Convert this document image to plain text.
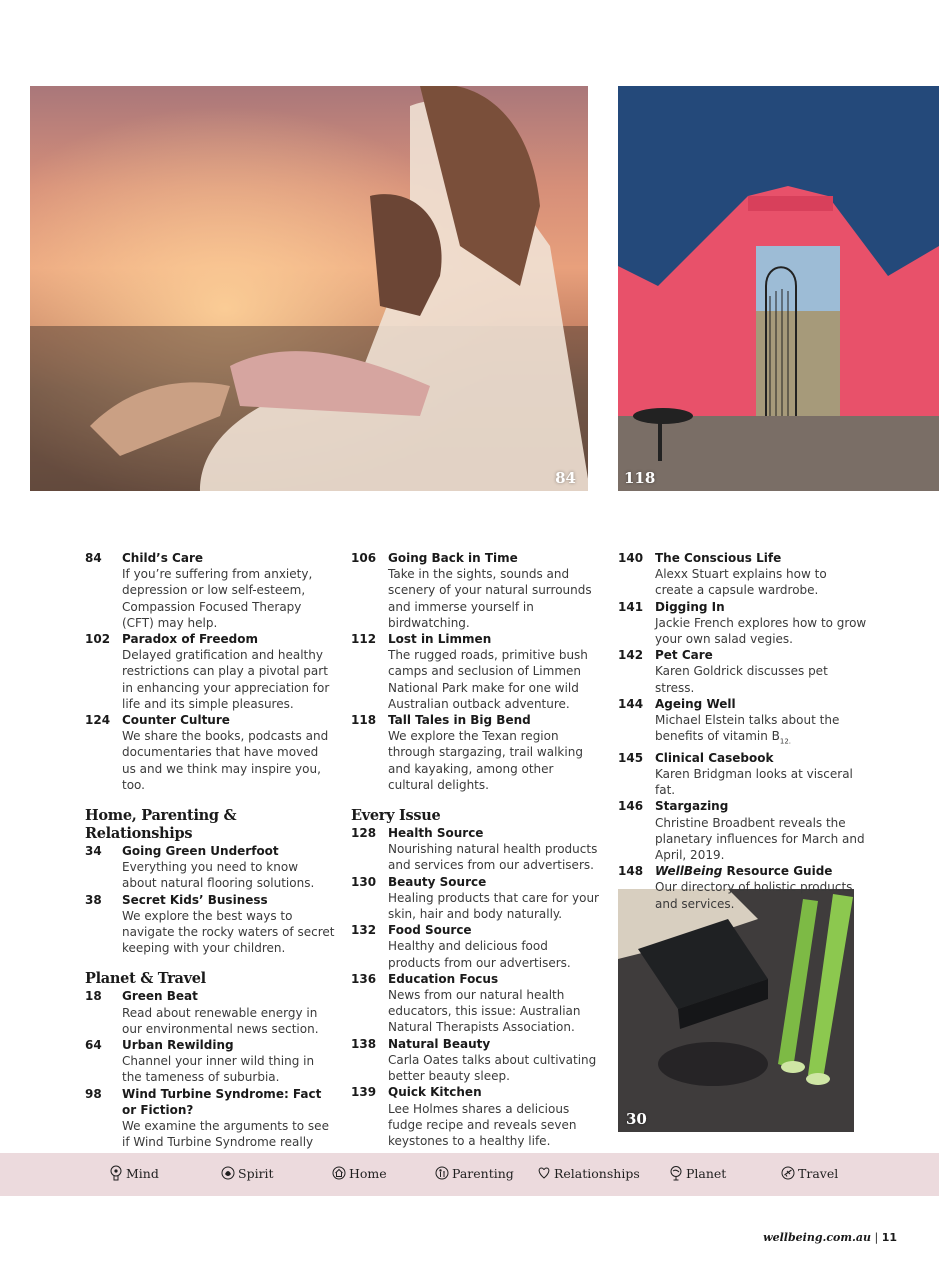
84	118
30
84	Child’s Care
If you’re suffering from anxiety, depression or low self-esteem, Compassion Focused Therapy (CFT) may help.
102 Paradox of Freedom
Delayed gratification and healthy restrictions can play a pivotal part in enhancing your appreciation for life and its simple pleasures.
124 Counter Culture
We share the books, podcasts and documentaries that have moved us and we think may inspire you, too.
Home, Parenting & Relationships
34	Going Green Underfoot
Everything you need to know about natural flooring solutions.
38	Secret Kids’ Business
We explore the best ways to navigate the rocky waters of secret keeping with your children.
Planet & Travel
18	Green Beat
Read about renewable energy in our environmental news section.
64	Urban Rewilding
Channel your inner wild thing in the tameness of suburbia.
98	Wind Turbine Syndrome: Fact or Fiction?
We examine the arguments to see if Wind Turbine Syndrome really
106 Going Back in Time
Take in the sights, sounds and scenery of your natural surrounds and immerse yourself in birdwatching.
112 Lost in Limmen
The rugged roads, primitive bush camps and seclusion of Limmen National Park make for one wild Australian outback adventure.
118 Tall Tales in Big Bend
We explore the Texan region through stargazing, trail walking and kayaking, among other cultural delights.
Every Issue
128 Health Source
Nourishing natural health products and services from our advertisers.
130 Beauty Source
Healing products that care for your skin, hair and body naturally.
132 Food Source
Healthy and delicious food products from our advertisers.
136 Education Focus
News from our natural health educators, this issue: Australian Natural Therapists Association.
138 Natural Beauty
Carla Oates talks about cultivating better beauty sleep.
139 Quick Kitchen
Lee Holmes shares a delicious fudge recipe and reveals seven keystones to a healthy life.
140 The Conscious Life
Alexx Stuart explains how to create a capsule wardrobe.
141 Digging In
Jackie French explores how to grow your own salad vegies.
142 Pet Care
Karen Goldrick discusses pet stress.
144 Ageing Well
Michael Elstein talks about the benefits of vitamin $B_{12.}$
145 Clinical Casebook
Karen Bridgman looks at visceral fat.
146 Stargazing
Christine Broadbent reveals the planetary influences for March and April, 2019.
148 WellBeing Resource Guide
Our directory of holistic products and services.
Mind	Spirit	Home	Parenting	Relationships	Planet	Travel
wellbeing.com.au | 11
